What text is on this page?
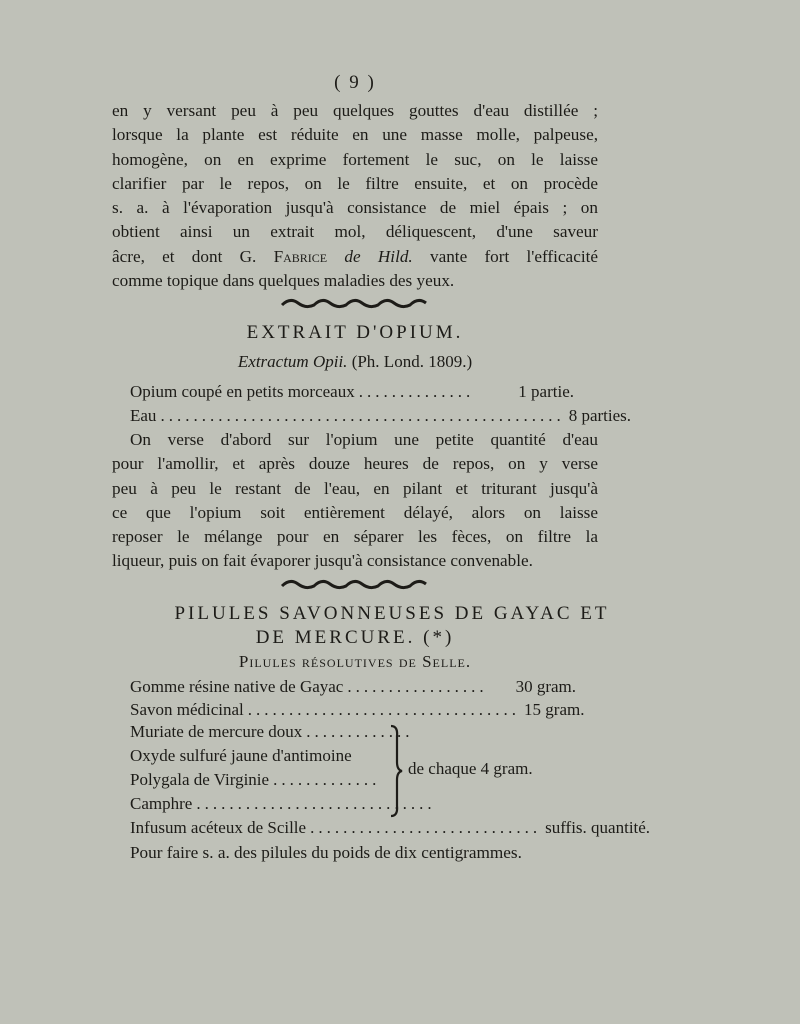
( 9 )
en y versant peu à peu quelques gouttes d'eau distillée ;
lorsque la plante est réduite en une masse molle, palpeuse,
homogène, on en exprime fortement le suc, on le laisse
clarifier par le repos, on le filtre ensuite, et on procède
s. a. à l'évaporation jusqu'à consistance de miel épais ; on
obtient ainsi un extrait mol, déliquescent, d'une saveur
âcre, et dont G. Fabrice de Hild. vante fort l'efficacité
comme topique dans quelques maladies des yeux.
EXTRAIT D'OPIUM.
Extractum Opii. (Ph. Lond. 1809.)
Opium coupé en petits morceaux ..............	1 partie.
Eau ................................................. 8 parties.
On verse d'abord sur l'opium une petite quantité d'eau
pour l'amollir, et après douze heures de repos, on y verse
peu à peu le restant de l'eau, en pilant et triturant jusqu'à
ce que l'opium soit entièrement délayé, alors on laisse
reposer le mélange pour en séparer les fèces, on filtre la
liqueur, puis on fait évaporer jusqu'à consistance convenable.
PILULES SAVONNEUSES DE GAYAC ET
DE MERCURE. (*)
Pilules résolutives de Selle.
Gomme résine native de Gayac .................	30 gram.
Savon médicinal ................................. 15 gram.
Muriate de mercure doux .............
Oxyde sulfuré jaune d'antimoine
Polygala de Virginie .............
Camphre .............................
de chaque 4 gram.
Infusum acéteux de Scille ............................ suffis. quantité.
Pour faire s. a. des pilules du poids de dix centigrammes.
